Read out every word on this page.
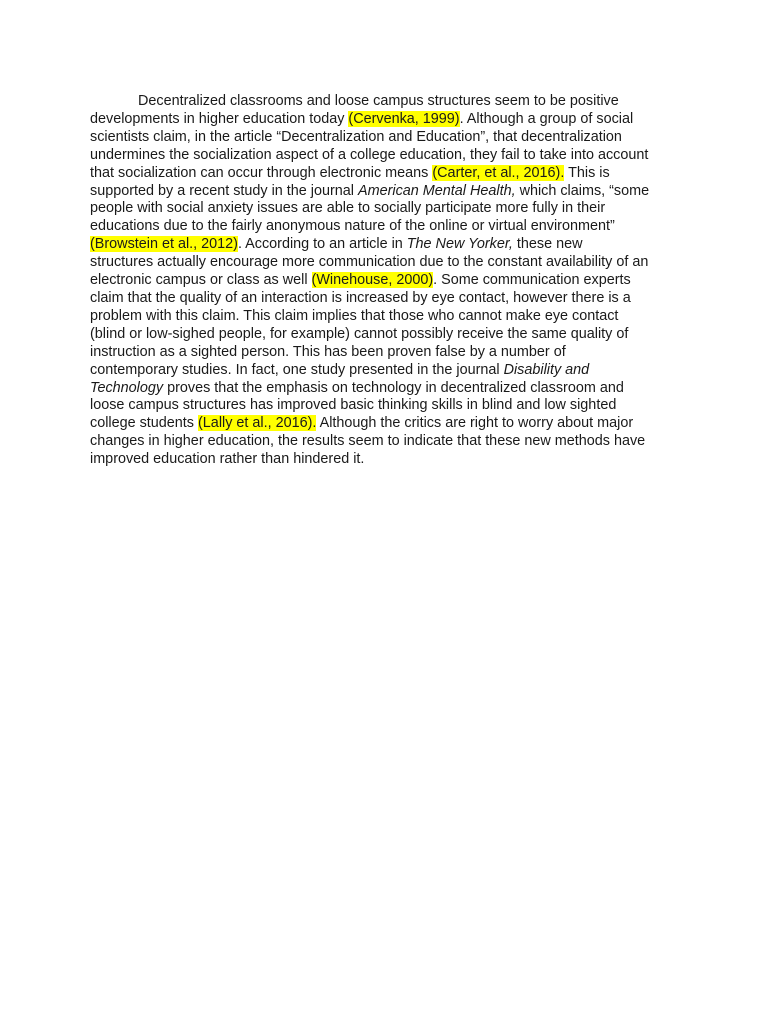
Decentralized classrooms and loose campus structures seem to be positive
developments in higher education today (Cervenka, 1999). Although a group of social
scientists claim, in the article “Decentralization and Education”, that decentralization
undermines the socialization aspect of a college education, they fail to take into account
that socialization can occur through electronic means (Carter, et al., 2016). This is
supported by a recent study in the journal American Mental Health, which claims, “some
people with social anxiety issues are able to socially participate more fully in their
educations due to the fairly anonymous nature of the online or virtual environment”
(Browstein et al., 2012). According to an article in The New Yorker, these new
structures actually encourage more communication due to the constant availability of an
electronic campus or class as well (Winehouse, 2000). Some communication experts
claim that the quality of an interaction is increased by eye contact, however there is a
problem with this claim. This claim implies that those who cannot make eye contact
(blind or low-sighed people, for example) cannot possibly receive the same quality of
instruction as a sighted person. This has been proven false by a number of
contemporary studies. In fact, one study presented in the journal Disability and
Technology proves that the emphasis on technology in decentralized classroom and
loose campus structures has improved basic thinking skills in blind and low sighted
college students (Lally et al., 2016). Although the critics are right to worry about major
changes in higher education, the results seem to indicate that these new methods have
improved education rather than hindered it.
